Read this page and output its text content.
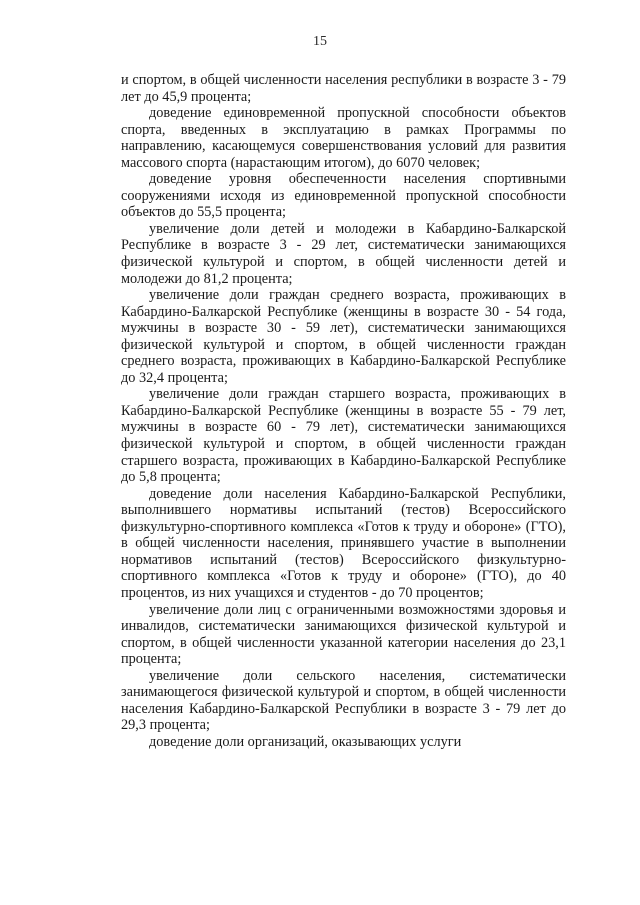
15

и спортом, в общей численности населения республики в возрасте 3 - 79 лет до 45,9 процента;

доведение единовременной пропускной способности объектов спорта, введенных в эксплуатацию в рамках Программы по направлению, касающемуся совершенствования условий для развития массового спорта (нарастающим итогом), до 6070 человек;

доведение уровня обеспеченности населения спортивными сооружениями исходя из единовременной пропускной способности объектов до 55,5 процента;

увеличение доли детей и молодежи в Кабардино-Балкарской Республике в возрасте 3 - 29 лет, систематически занимающихся физической культурой и спортом, в общей численности детей и молодежи до 81,2 процента;

увеличение доли граждан среднего возраста, проживающих в Кабардино-Балкарской Республике (женщины в возрасте 30 - 54 года, мужчины в возрасте 30 - 59 лет), систематически занимающихся физической культурой и спортом, в общей численности граждан среднего возраста, проживающих в Кабардино-Балкарской Республике до 32,4 процента;

увеличение доли граждан старшего возраста, проживающих в Кабардино-Балкарской Республике (женщины в возрасте 55 - 79 лет, мужчины в возрасте 60 - 79 лет), систематически занимающихся физической культурой и спортом, в общей численности граждан старшего возраста, проживающих в Кабардино-Балкарской Республике до 5,8 процента;

доведение доли населения Кабардино-Балкарской Республики, выполнившего нормативы испытаний (тестов) Всероссийского физкультурно-спортивного комплекса «Готов к труду и обороне» (ГТО), в общей численности населения, принявшего участие в выполнении нормативов испытаний (тестов) Всероссийского физкультурно-спортивного комплекса «Готов к труду и обороне» (ГТО), до 40 процентов, из них учащихся и студентов - до 70 процентов;

увеличение доли лиц с ограниченными возможностями здоровья и инвалидов, систематически занимающихся физической культурой и спортом, в общей численности указанной категории населения до 23,1 процента;

увеличение доли сельского населения, систематически занимающегося физической культурой и спортом, в общей численности населения Кабардино-Балкарской Республики в возрасте 3 - 79 лет до 29,3 процента;

доведение доли организаций, оказывающих услуги
